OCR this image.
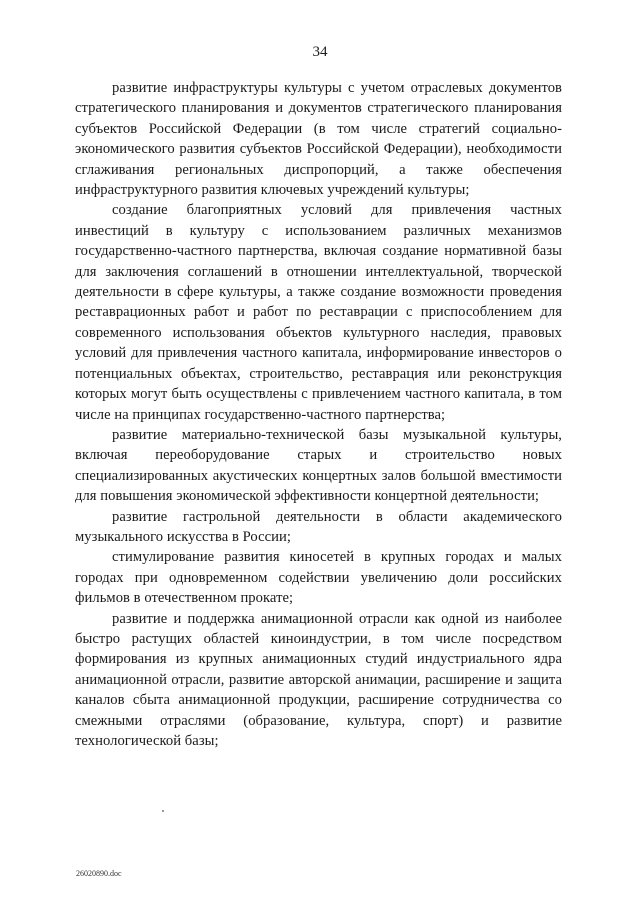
34

развитие инфраструктуры культуры с учетом отраслевых документов стратегического планирования и документов стратегического планирования субъектов Российской Федерации (в том числе стратегий социально-экономического развития субъектов Российской Федерации), необходимости сглаживания региональных диспропорций, а также обеспечения инфраструктурного развития ключевых учреждений культуры;

создание благоприятных условий для привлечения частных инвестиций в культуру с использованием различных механизмов государственно-частного партнерства, включая создание нормативной базы для заключения соглашений в отношении интеллектуальной, творческой деятельности в сфере культуры, а также создание возможности проведения реставрационных работ и работ по реставрации с приспособлением для современного использования объектов культурного наследия, правовых условий для привлечения частного капитала, информирование инвесторов о потенциальных объектах, строительство, реставрация или реконструкция которых могут быть осуществлены с привлечением частного капитала, в том числе на принципах государственно-частного партнерства;

развитие материально-технической базы музыкальной культуры, включая переоборудование старых и строительство новых специализированных акустических концертных залов большой вместимости для повышения экономической эффективности концертной деятельности;

развитие гастрольной деятельности в области академического музыкального искусства в России;

стимулирование развития киносетей в крупных городах и малых городах при одновременном содействии увеличению доли российских фильмов в отечественном прокате;

развитие и поддержка анимационной отрасли как одной из наиболее быстро растущих областей киноиндустрии, в том числе посредством формирования из крупных анимационных студий индустриального ядра анимационной отрасли, развитие авторской анимации, расширение и защита каналов сбыта анимационной продукции, расширение сотрудничества со смежными отраслями (образование, культура, спорт) и развитие технологической базы;

26020890.doc
